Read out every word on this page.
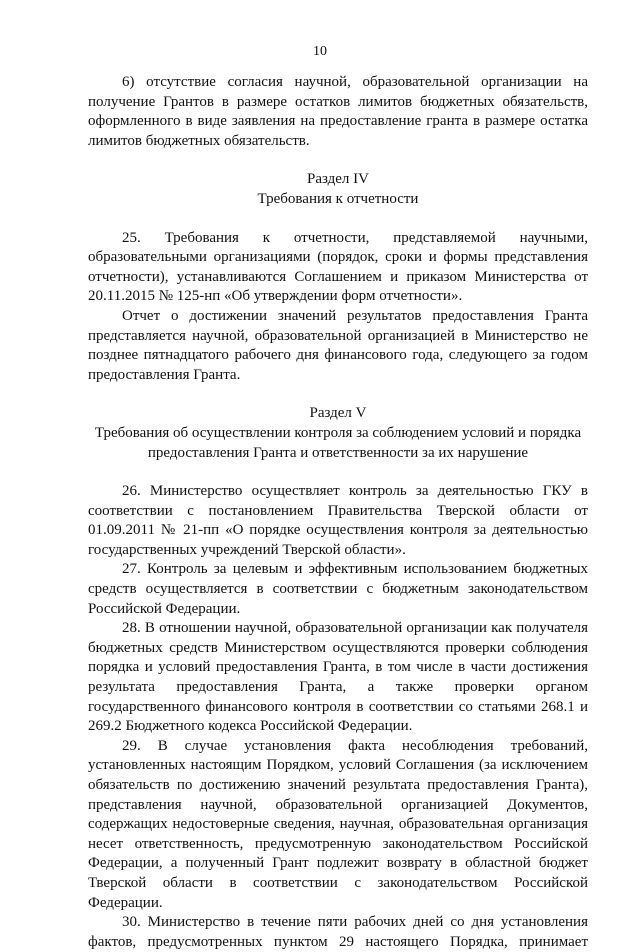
10

6) отсутствие согласия научной, образовательной организации на получение Грантов в размере остатков лимитов бюджетных обязательств, оформленного в виде заявления на предоставление гранта в размере остатка лимитов бюджетных обязательств.

Раздел IV
Требования к отчетности

25. Требования к отчетности, представляемой научными, образовательными организациями (порядок, сроки и формы представления отчетности), устанавливаются Соглашением и приказом Министерства от 20.11.2015 № 125-нп «Об утверждении форм отчетности».

Отчет о достижении значений результатов предоставления Гранта представляется научной, образовательной организацией в Министерство не позднее пятнадцатого рабочего дня финансового года, следующего за годом предоставления Гранта.

Раздел V
Требования об осуществлении контроля за соблюдением условий и порядка предоставления Гранта и ответственности за их нарушение

26. Министерство осуществляет контроль за деятельностью ГКУ в соответствии с постановлением Правительства Тверской области от 01.09.2011 № 21-пп «О порядке осуществления контроля за деятельностью государственных учреждений Тверской области».

27. Контроль за целевым и эффективным использованием бюджетных средств осуществляется в соответствии с бюджетным законодательством Российской Федерации.

28. В отношении научной, образовательной организации как получателя бюджетных средств Министерством осуществляются проверки соблюдения порядка и условий предоставления Гранта, в том числе в части достижения результата предоставления Гранта, а также проверки органом государственного финансового контроля в соответствии со статьями 268.1 и 269.2 Бюджетного кодекса Российской Федерации.

29. В случае установления факта несоблюдения требований, установленных настоящим Порядком, условий Соглашения (за исключением обязательств по достижению значений результата предоставления Гранта), представления научной, образовательной организацией Документов, содержащих недостоверные сведения, научная, образовательная организация несет ответственность, предусмотренную законодательством Российской Федерации, а полученный Грант подлежит возврату в областной бюджет Тверской области в соответствии с законодательством Российской Федерации.

30. Министерство в течение пяти рабочих дней со дня установления фактов, предусмотренных пунктом 29 настоящего Порядка, принимает
